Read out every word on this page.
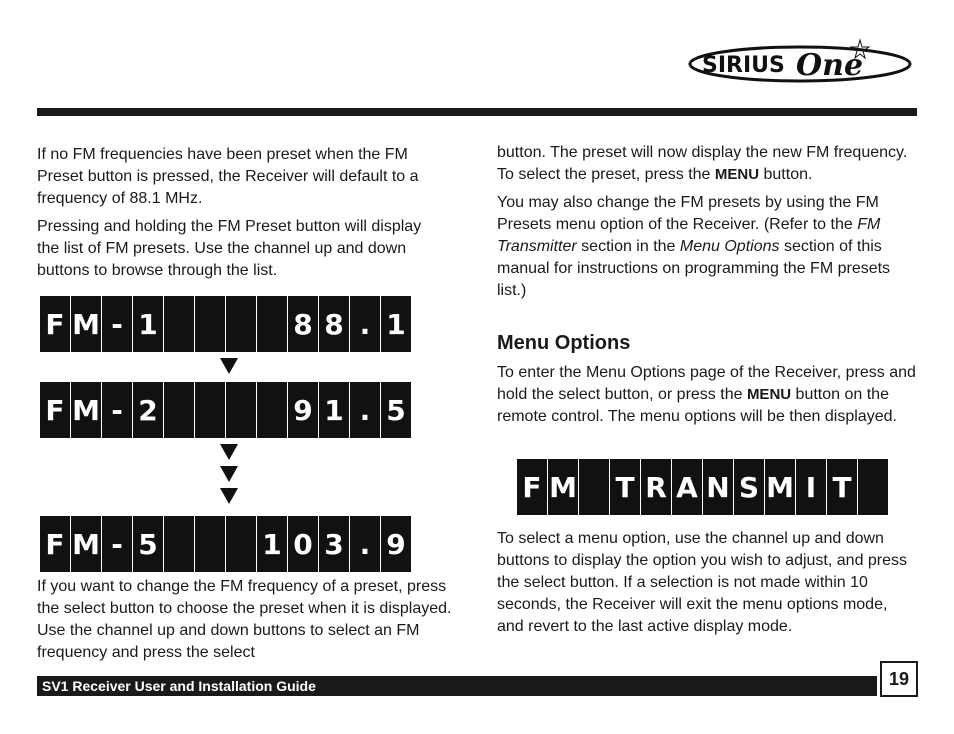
SIRIUS One

If no FM frequencies have been preset when the FM Preset button is pressed, the Receiver will default to a frequency of 88.1 MHz.

Pressing and holding the FM Preset button will display the list of FM presets. Use the channel up and down buttons to browse through the list.

F M - 1	8 8 . 1
F M - 2	9 1 . 5
F M - 5	1 0 3 . 9

If you want to change the FM frequency of a preset, press the select button to choose the preset when it is displayed. Use the channel up and down buttons to select an FM frequency and press the select

button. The preset will now display the new FM frequency. To select the preset, press the MENU button.

You may also change the FM presets by using the FM Presets menu option of the Receiver. (Refer to the FM Transmitter section in the Menu Options section of this manual for instructions on programming the FM presets list.)

Menu Options

To enter the Menu Options page of the Receiver, press and hold the select button, or press the MENU button on the remote control. The menu options will be then displayed.

F M T R A N S M I T

To select a menu option, use the channel up and down buttons to display the option you wish to adjust, and press the select button. If a selection is not made within 10 seconds, the Receiver will exit the menu options mode, and revert to the last active display mode.

SV1 Receiver User and Installation Guide	19
